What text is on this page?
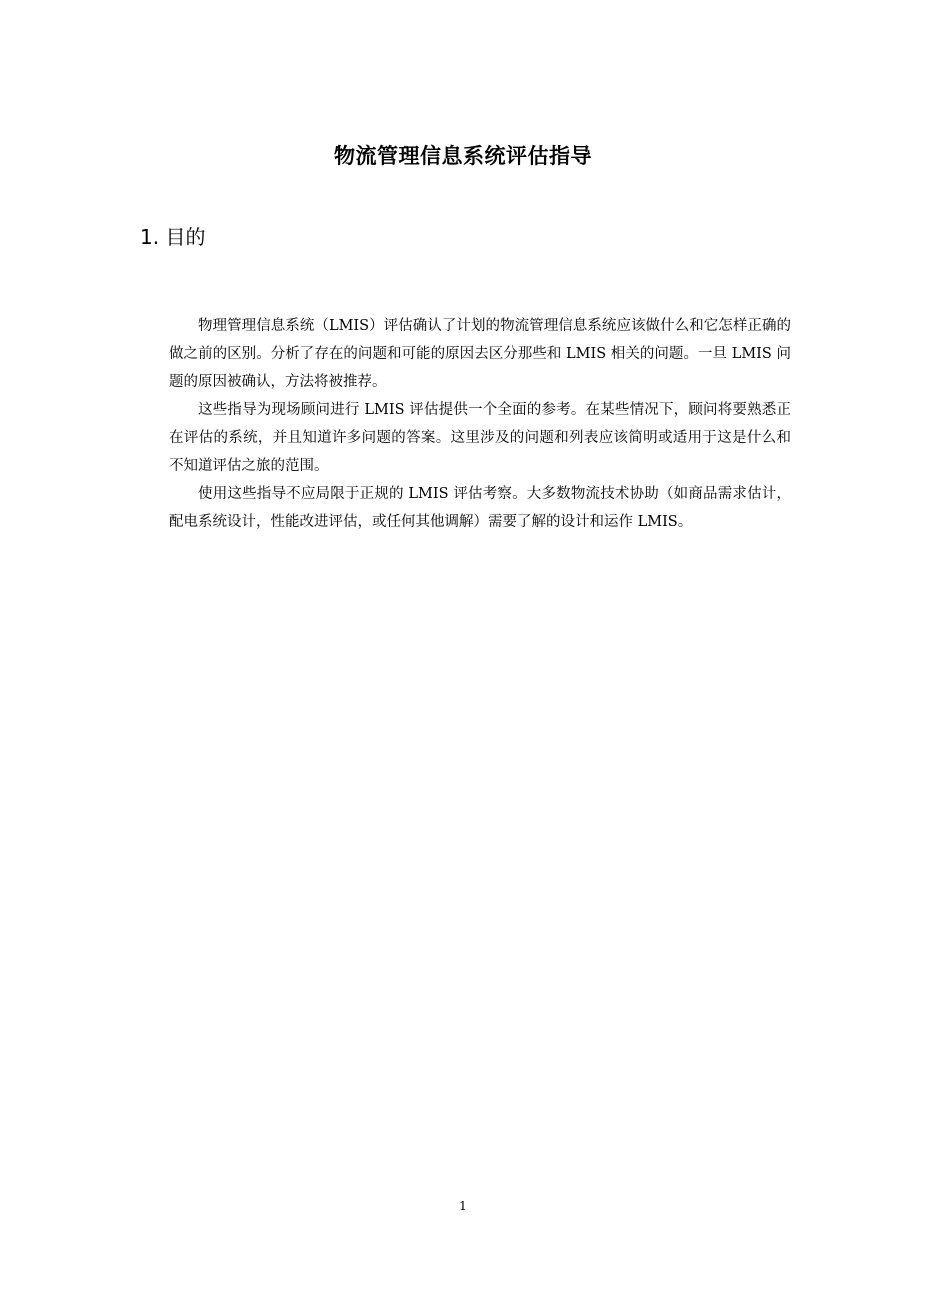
物流管理信息系统评估指导
1. 目的

物理管理信息系统（LMIS）评估确认了计划的物流管理信息系统应该做什么和它怎样正确的做之前的区别。分析了存在的问题和可能的原因去区分那些和 LMIS 相关的问题。一旦 LMIS 问题的原因被确认，方法将被推荐。

这些指导为现场顾问进行 LMIS 评估提供一个全面的参考。在某些情况下，顾问将要熟悉正在评估的系统，并且知道许多问题的答案。这里涉及的问题和列表应该简明或适用于这是什么和不知道评估之旅的范围。

使用这些指导不应局限于正规的 LMIS 评估考察。大多数物流技术协助（如商品需求估计，配电系统设计，性能改进评估，或任何其他调解）需要了解的设计和运作 LMIS。

1
